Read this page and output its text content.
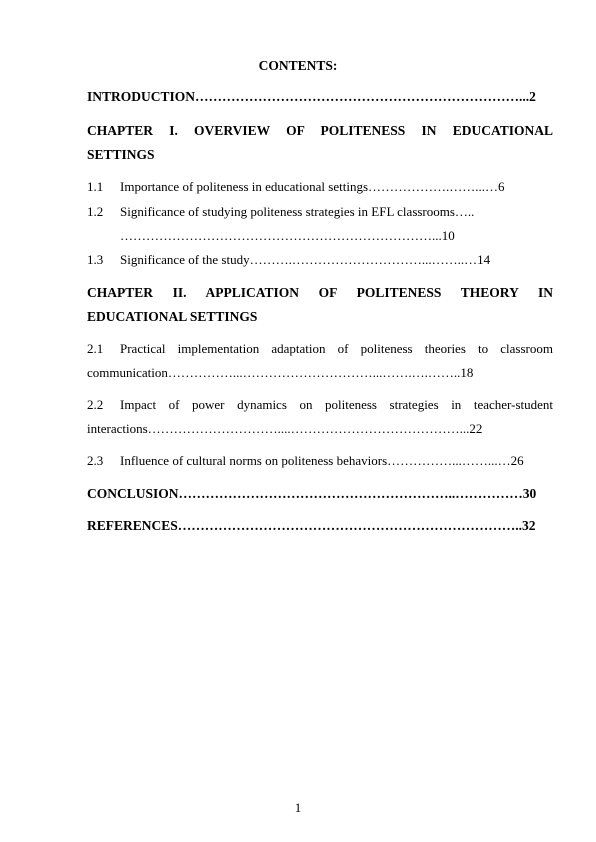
CONTENTS:
INTRODUCTION………………………………………………………………...2
CHAPTER I. OVERVIEW OF POLITENESS IN EDUCATIONAL
SETTINGS
1.1 Importance of politeness in educational settings……………….……...…6
1.2 Significance of studying politeness strategies in EFL classrooms…..
………………………………………………………………...10
1.3 Significance of the study……….…………………………...……..…14
CHAPTER II. APPLICATION OF POLITENESS THEORY IN
EDUCATIONAL SETTINGS
2.1 Practical implementation adaptation of politeness theories to classroom
communication……………...…………………………...…….….……..18
2.2 Impact of power dynamics on politeness strategies in teacher-student
interactions…………………………....…………………………………...22
2.3 Influence of cultural norms on politeness behaviors……………...……...…26
CONCLUSION……………………………………………………..……………30
REFERENCES…………………………………………………………………..32
1
